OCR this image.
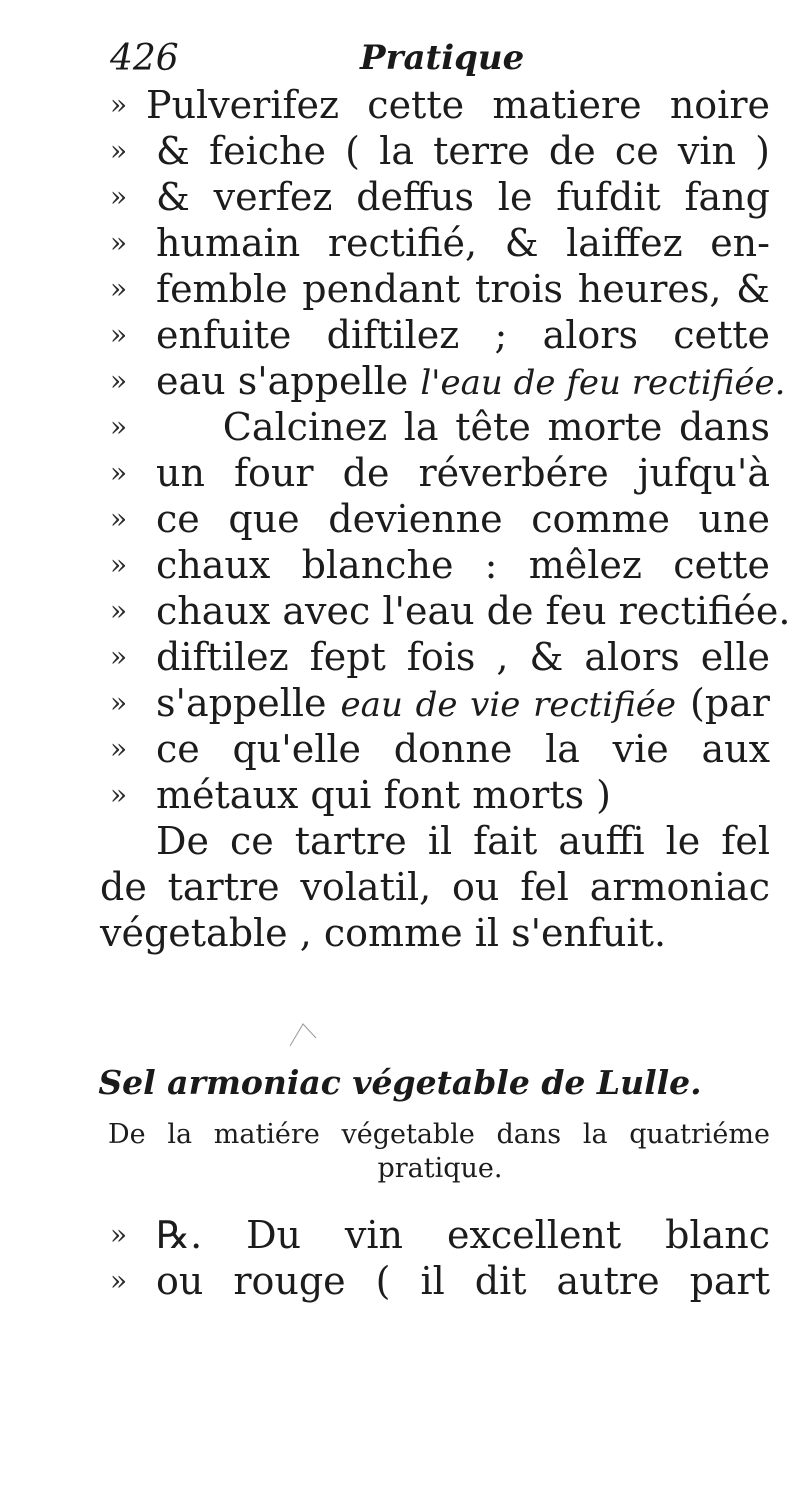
426	Pratique
» Pulverifez cette matiere noire
» & feiche ( la terre de ce vin )
» & verfez deffus le fufdit fang
» humain rectifié, & laiffez en-
» femble pendant trois heures, &
» enfuite diftilez ; alors cette
» eau s'appelle l'eau de feu rectifiée.
» Calcinez la tête morte dans
» un four de réverbére jufqu'à
» ce que devienne comme une
» chaux blanche : mêlez cette
» chaux avec l'eau de feu rectifiée.
» diftilez fept fois , & alors elle
» s'appelle eau de vie rectifiée (par
» ce qu'elle donne la vie aux
» métaux qui font morts )
De ce tartre il fait auffi le fel
de tartre volatil, ou fel armoniac
végetable , comme il s'enfuit.
Sel armoniac végetable de Lulle.
De la matiére végetable dans la quatriéme
pratique.
» ℞. Du vin excellent blanc
» ou rouge ( il dit autre part
